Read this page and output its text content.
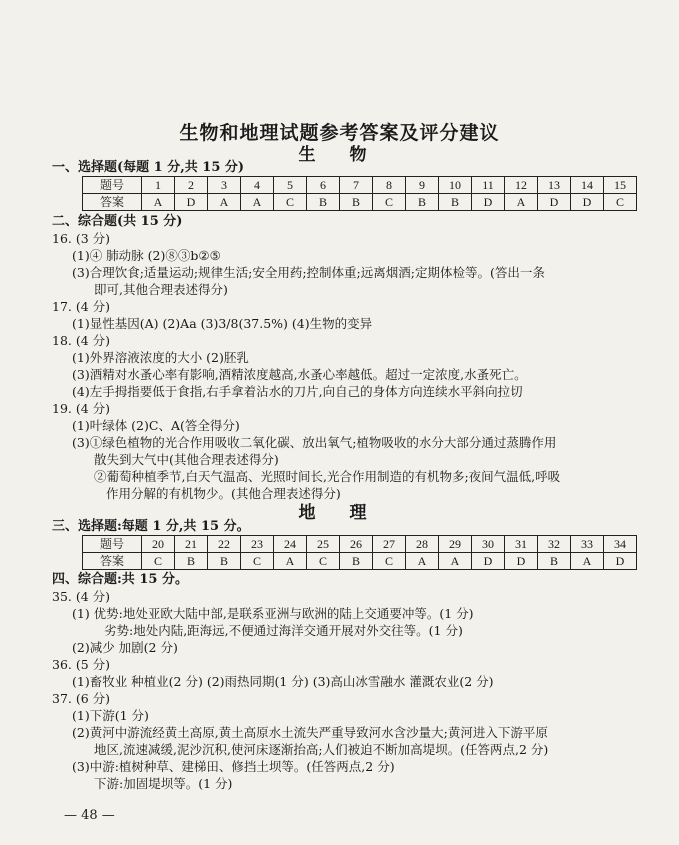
生物和地理试题参考答案及评分建议
生 物
一、选择题(每题 1 分,共 15 分)
题号	1	2	3	4	5	6	7	8	9	10	11	12	13	14	15
答案	A	D	A	A	C	B	B	C	B	B	D	A	D	D	C
二、综合题(共 15 分)
16. (3 分)
(1)④ 肺动脉 (2)⑧③b②⑤
(3)合理饮食;适量运动;规律生活;安全用药;控制体重;远离烟酒;定期体检等。(答出一条
即可,其他合理表述得分)
17. (4 分)
(1)显性基因(A) (2)Aa (3)3/8(37.5%) (4)生物的变异
18. (4 分)
(1)外界溶液浓度的大小 (2)胚乳
(3)酒精对水蚤心率有影响,酒精浓度越高,水蚤心率越低。超过一定浓度,水蚤死亡。
(4)左手拇指要低于食指,右手拿着沾水的刀片,向自己的身体方向连续水平斜向拉切
19. (4 分)
(1)叶绿体 (2)C、A(答全得分)
(3)①绿色植物的光合作用吸收二氧化碳、放出氧气;植物吸收的水分大部分通过蒸腾作用
散失到大气中(其他合理表述得分)
②葡萄种植季节,白天气温高、光照时间长,光合作用制造的有机物多;夜间气温低,呼吸
作用分解的有机物少。(其他合理表述得分)
地 理
三、选择题:每题 1 分,共 15 分。
题号	20	21	22	23	24	25	26	27	28	29	30	31	32	33	34
答案	C	B	B	C	A	C	B	C	A	A	D	D	B	A	D
四、综合题:共 15 分。
35. (4 分)
(1) 优势:地处亚欧大陆中部,是联系亚洲与欧洲的陆上交通要冲等。(1 分)
劣势:地处内陆,距海远,不便通过海洋交通开展对外交往等。(1 分)
(2)减少 加剧(2 分)
36. (5 分)
(1)畜牧业 种植业(2 分) (2)雨热同期(1 分) (3)高山冰雪融水 灌溉农业(2 分)
37. (6 分)
(1)下游(1 分)
(2)黄河中游流经黄土高原,黄土高原水土流失严重导致河水含沙量大;黄河进入下游平原
地区,流速减缓,泥沙沉积,使河床逐渐抬高;人们被迫不断加高堤坝。(任答两点,2 分)
(3)中游:植树种草、建梯田、修挡土坝等。(任答两点,2 分)
下游:加固堤坝等。(1 分)
— 48 —
